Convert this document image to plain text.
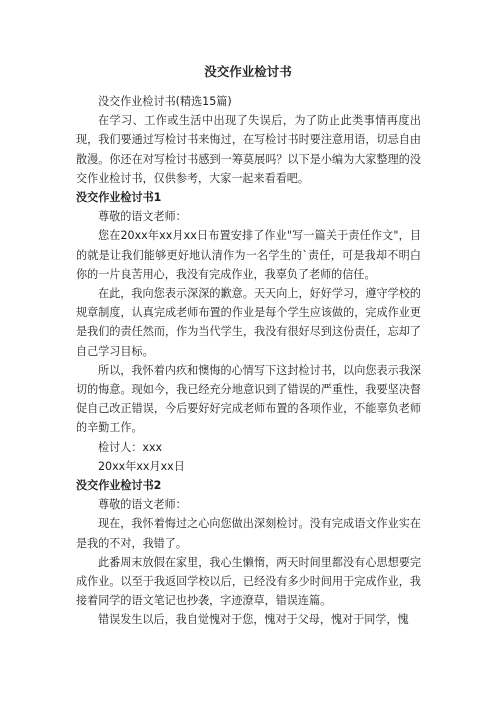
没交作业检讨书

没交作业检讨书(精选15篇)

在学习、工作或生活中出现了失误后，为了防止此类事情再度出现，我们要通过写检讨书来悔过，在写检讨书时要注意用语，切忌自由散漫。你还在对写检讨书感到一筹莫展吗？以下是小编为大家整理的没交作业检讨书，仅供参考，大家一起来看看吧。

没交作业检讨书1

尊敬的语文老师：

您在20xx年xx月xx日布置安排了作业"写一篇关于责任作文"，目的就是让我们能够更好地认清作为一名学生的`责任，可是我却不明白你的一片良苦用心，我没有完成作业，我辜负了老师的信任。

在此，我向您表示深深的歉意。天天向上，好好学习，遵守学校的规章制度，认真完成老师布置的作业是每个学生应该做的，完成作业更是我们的责任然而，作为当代学生，我没有很好尽到这份责任，忘却了自己学习目标。

所以，我怀着内疚和懊悔的心情写下这封检讨书，以向您表示我深切的悔意。现如今，我已经充分地意识到了错误的严重性，我要坚决督促自己改正错误，今后要好好完成老师布置的各项作业，不能辜负老师的辛勤工作。

检讨人：xxx

20xx年xx月xx日

没交作业检讨书2

尊敬的语文老师：

现在，我怀着悔过之心向您做出深刻检讨。没有完成语文作业实在是我的不对，我错了。

此番周末放假在家里，我心生懒惰，两天时间里都没有心思想要完成作业。以至于我返回学校以后，已经没有多少时间用于完成作业，我接着同学的语文笔记也抄袭，字迹潦草，错误连篇。

错误发生以后，我自觉愧对于您，愧对于父母，愧对于同学，愧
